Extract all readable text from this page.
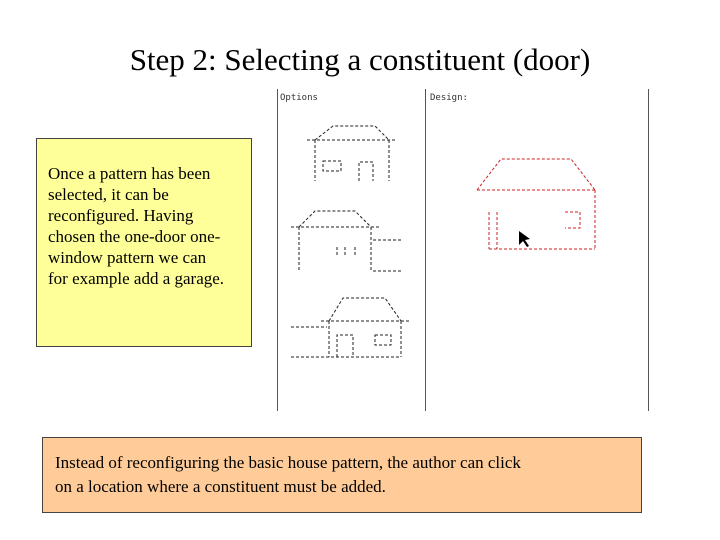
Step 2: Selecting a constituent (door)
Options	Design:

Once a pattern has been
selected, it can be
reconfigured. Having
chosen the one-door one-
window pattern we can
for example add a garage.

Instead of reconfiguring the basic house pattern, the author can click
on a location where a constituent must be added.
